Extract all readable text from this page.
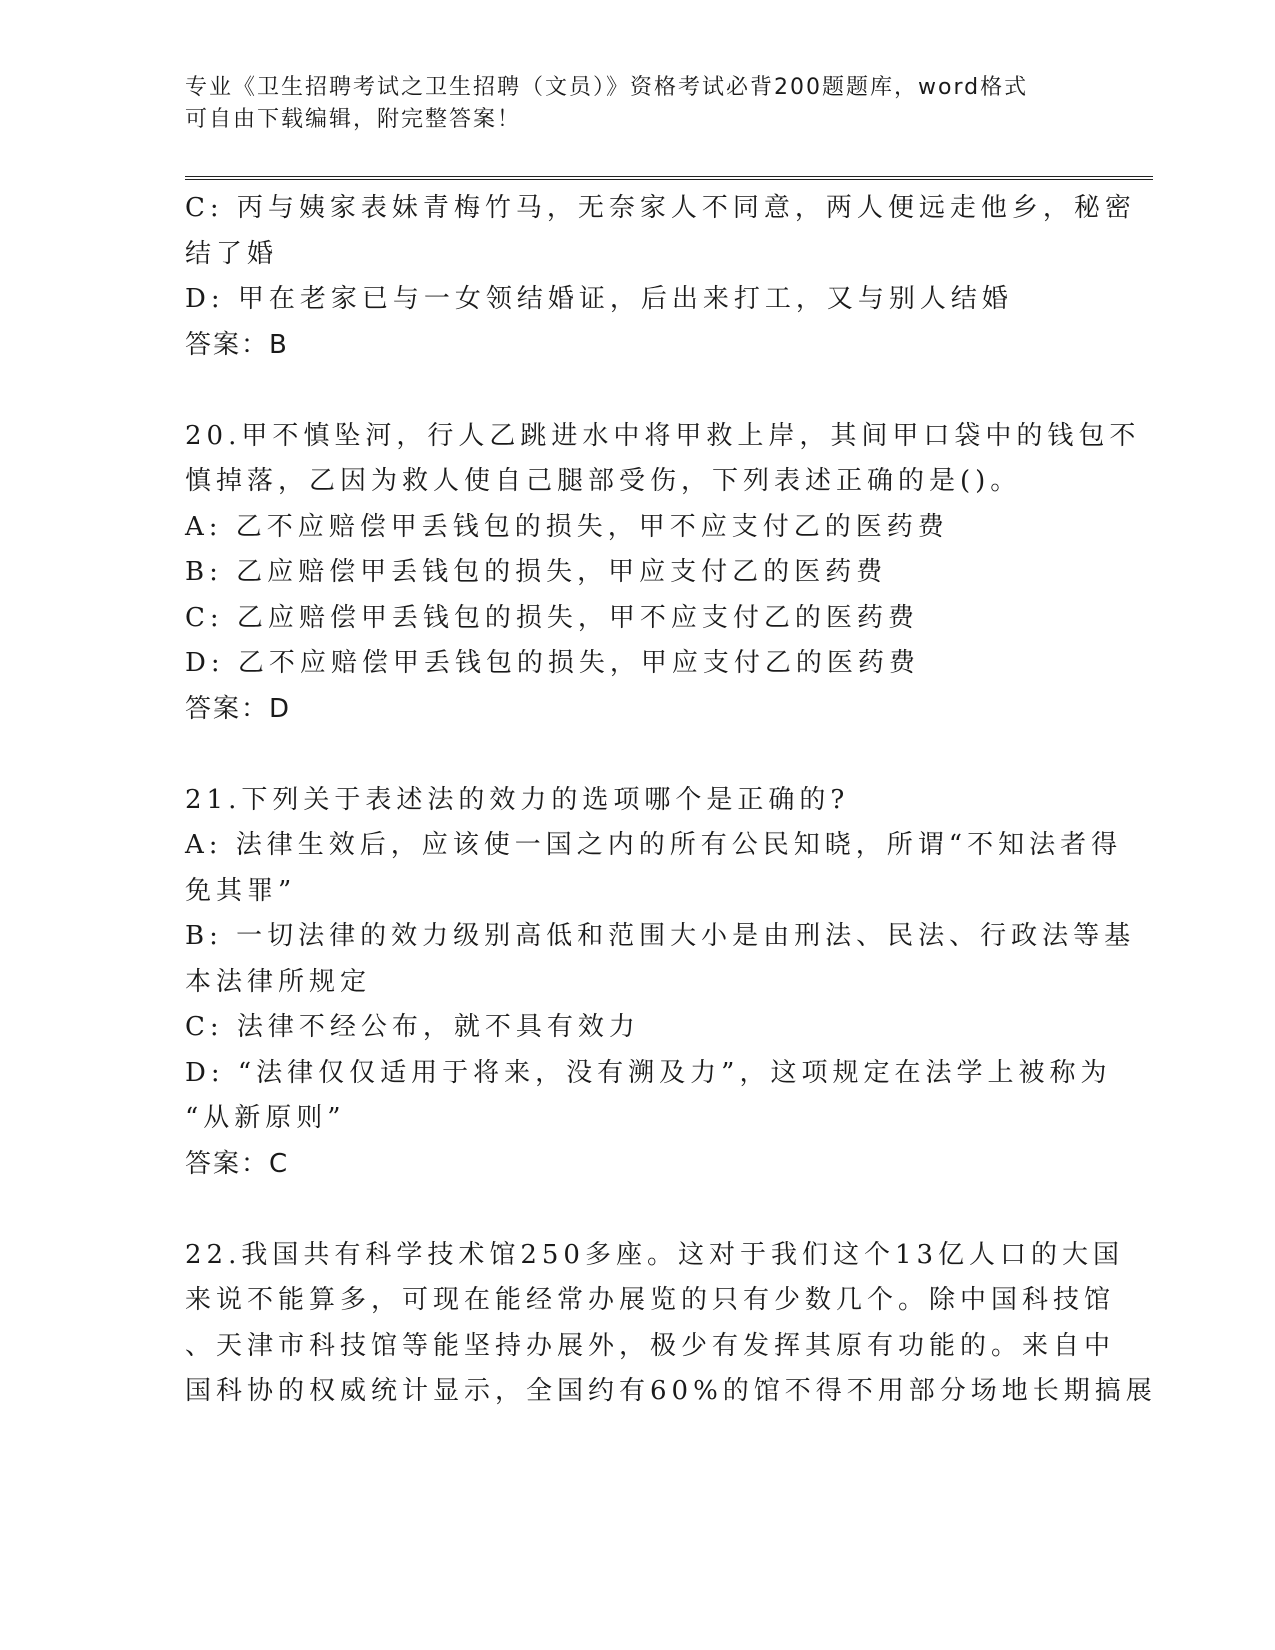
专业《卫生招聘考试之卫生招聘（文员）》资格考试必背200题题库，word格式
可自由下载编辑，附完整答案！
C: 丙与姨家表妹青梅竹马，无奈家人不同意，两人便远走他乡，秘密
结了婚
D: 甲在老家已与一女领结婚证，后出来打工，又与别人结婚
答案：B
20.甲不慎坠河，行人乙跳进水中将甲救上岸，其间甲口袋中的钱包不
慎掉落，乙因为救人使自己腿部受伤，下列表述正确的是()。
A: 乙不应赔偿甲丢钱包的损失，甲不应支付乙的医药费
B: 乙应赔偿甲丢钱包的损失，甲应支付乙的医药费
C: 乙应赔偿甲丢钱包的损失，甲不应支付乙的医药费
D: 乙不应赔偿甲丢钱包的损失，甲应支付乙的医药费
答案：D
21.下列关于表述法的效力的选项哪个是正确的?
A: 法律生效后，应该使一国之内的所有公民知晓，所谓“不知法者得
免其罪”
B: 一切法律的效力级别高低和范围大小是由刑法、民法、行政法等基
本法律所规定
C: 法律不经公布，就不具有效力
D: “法律仅仅适用于将来，没有溯及力”，这项规定在法学上被称为
“从新原则”
答案：C
22.我国共有科学技术馆250多座。这对于我们这个13亿人口的大国
来说不能算多，可现在能经常办展览的只有少数几个。除中国科技馆
、天津市科技馆等能坚持办展外，极少有发挥其原有功能的。来自中
国科协的权威统计显示，全国约有60%的馆不得不用部分场地长期搞展
